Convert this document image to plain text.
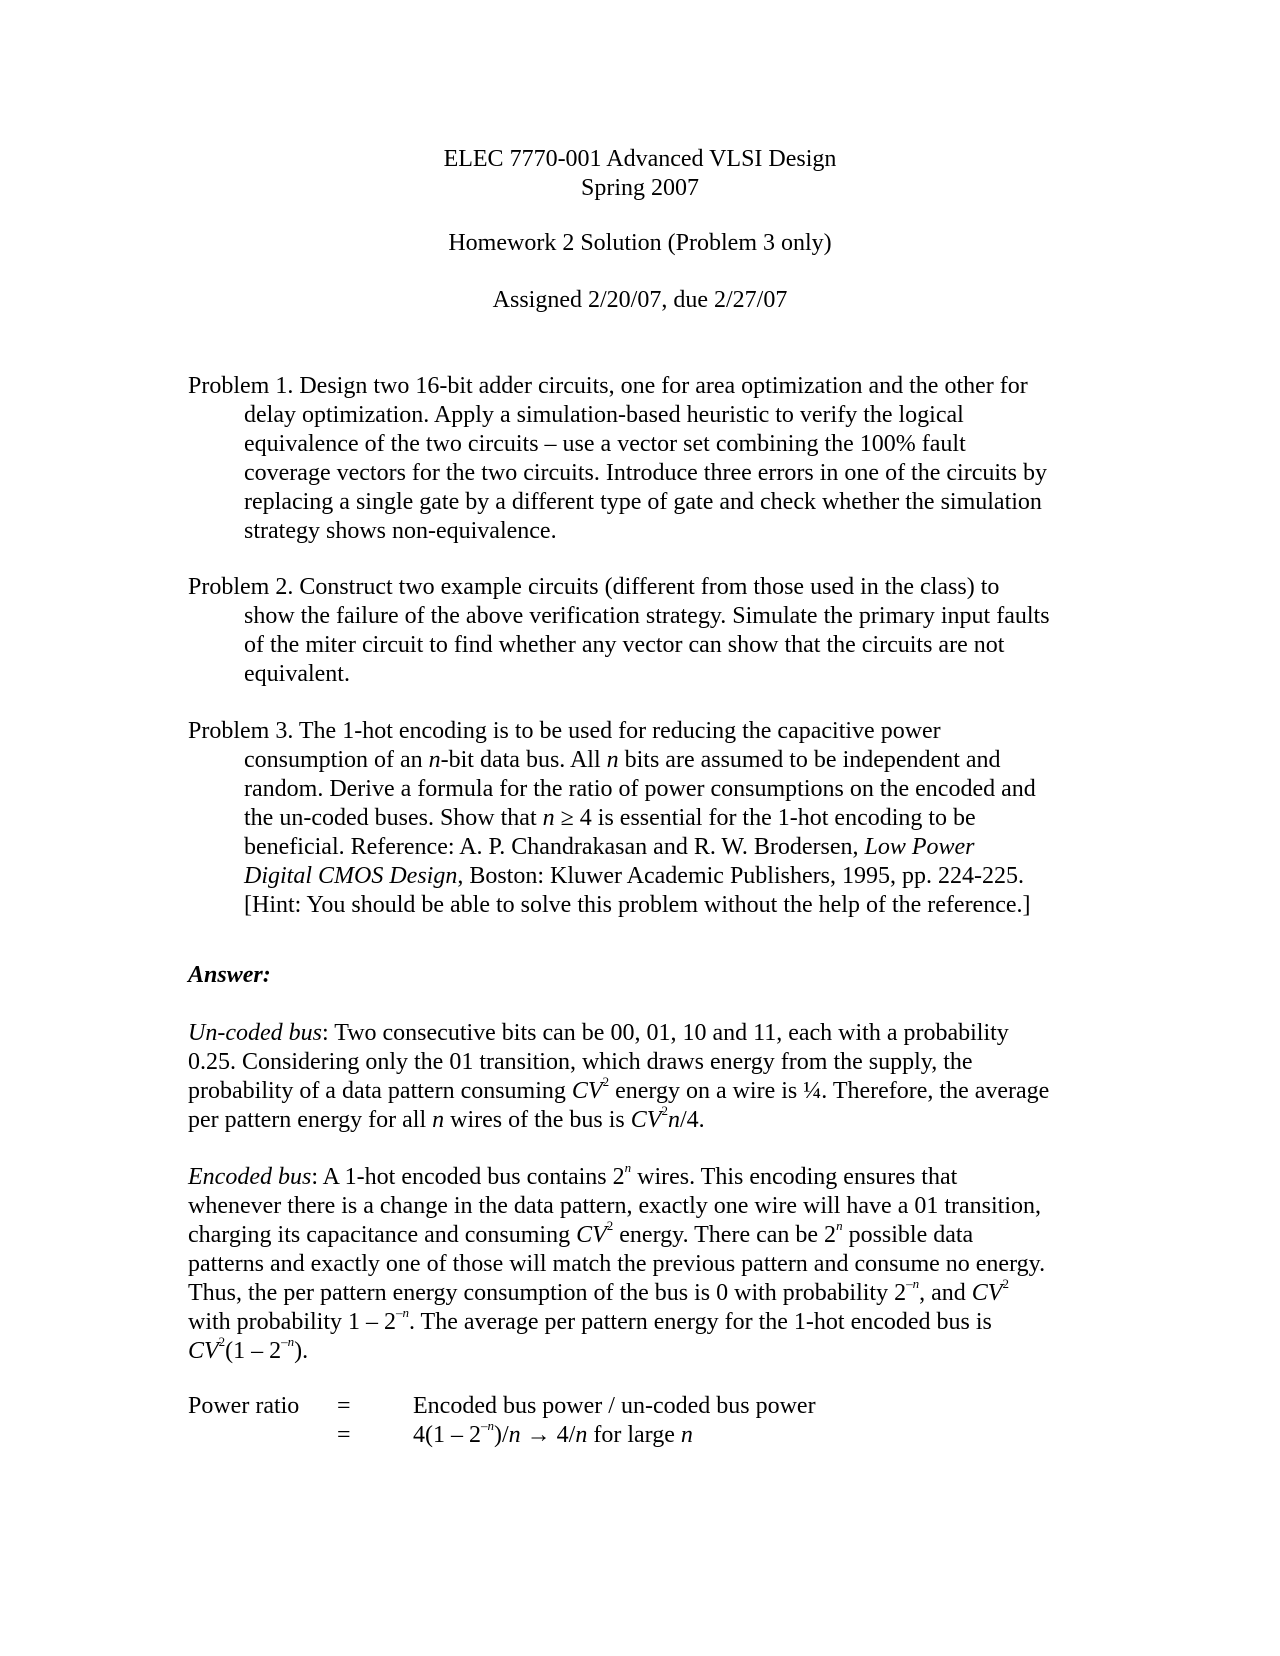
ELEC 7770-001 Advanced VLSI Design
Spring 2007
Homework 2 Solution (Problem 3 only)
Assigned 2/20/07, due 2/27/07
Problem 1. Design two 16-bit adder circuits, one for area optimization and the other for
delay optimization. Apply a simulation-based heuristic to verify the logical
equivalence of the two circuits – use a vector set combining the 100% fault
coverage vectors for the two circuits. Introduce three errors in one of the circuits by
replacing a single gate by a different type of gate and check whether the simulation
strategy shows non-equivalence.
Problem 2. Construct two example circuits (different from those used in the class) to
show the failure of the above verification strategy. Simulate the primary input faults
of the miter circuit to find whether any vector can show that the circuits are not
equivalent.
Problem 3. The 1-hot encoding is to be used for reducing the capacitive power
consumption of an n-bit data bus. All n bits are assumed to be independent and
random. Derive a formula for the ratio of power consumptions on the encoded and
the un-coded buses. Show that n ≥ 4 is essential for the 1-hot encoding to be
beneficial. Reference: A. P. Chandrakasan and R. W. Brodersen, Low Power
Digital CMOS Design, Boston: Kluwer Academic Publishers, 1995, pp. 224-225.
[Hint: You should be able to solve this problem without the help of the reference.]
Answer:
Un-coded bus: Two consecutive bits can be 00, 01, 10 and 11, each with a probability
0.25. Considering only the 01 transition, which draws energy from the supply, the
probability of a data pattern consuming $CV^2$ energy on a wire is ¼. Therefore, the average
per pattern energy for all n wires of the bus is $CV^2n/4$.
Encoded bus: A 1-hot encoded bus contains 2$^n$ wires. This encoding ensures that
whenever there is a change in the data pattern, exactly one wire will have a 01 transition,
charging its capacitance and consuming $CV^2$ energy. There can be 2$^n$ possible data
patterns and exactly one of those will match the previous pattern and consume no energy.
Thus, the per pattern energy consumption of the bus is 0 with probability $2^{-n}$, and $CV^2$
with probability $1 - 2^{-n}$. The average per pattern energy for the 1-hot encoded bus is
$CV^2(1 - 2^{-n})$.
Power ratio =	Encoded bus power / un-coded bus power
=	$4(1 - 2^{-n})/n \to 4/n$ for large n
